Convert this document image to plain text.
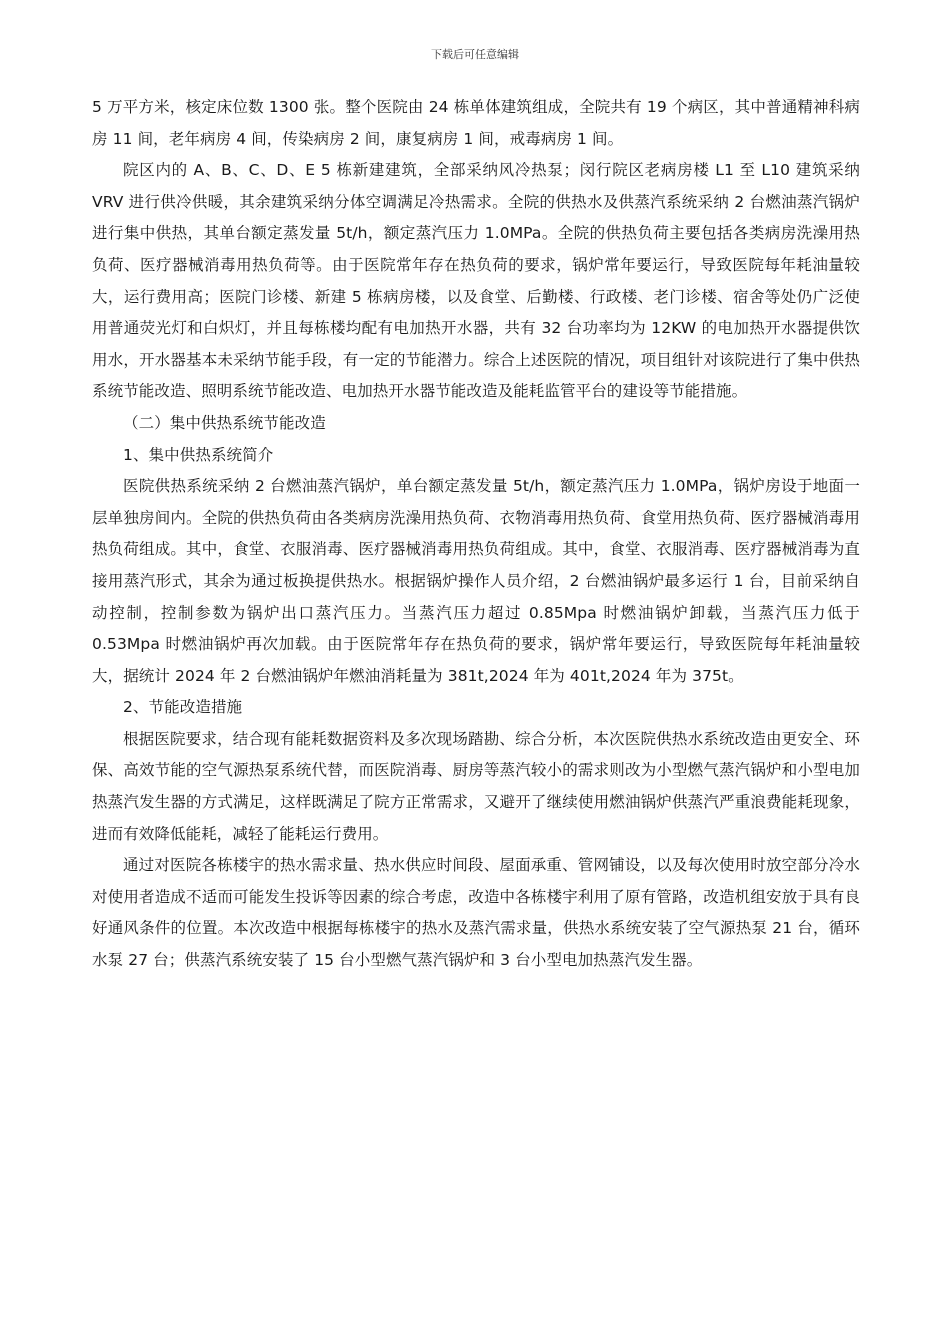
下载后可任意编辑

5 万平方米，核定床位数 1300 张。整个医院由 24 栋单体建筑组成，全院共有 19 个病区，其中普通精神科病房 11 间，老年病房 4 间，传染病房 2 间，康复病房 1 间，戒毒病房 1 间。

院区内的 A、B、C、D、E 5 栋新建建筑，全部采纳风冷热泵；闵行院区老病房楼 L1 至 L10 建筑采纳 VRV 进行供冷供暖，其余建筑采纳分体空调满足冷热需求。全院的供热水及供蒸汽系统采纳 2 台燃油蒸汽锅炉进行集中供热，其单台额定蒸发量 5t/h，额定蒸汽压力 1.0MPa。全院的供热负荷主要包括各类病房洗澡用热负荷、医疗器械消毒用热负荷等。由于医院常年存在热负荷的要求，锅炉常年要运行，导致医院每年耗油量较大，运行费用高；医院门诊楼、新建 5 栋病房楼，以及食堂、后勤楼、行政楼、老门诊楼、宿舍等处仍广泛使用普通荧光灯和白炽灯，并且每栋楼均配有电加热开水器，共有 32 台功率均为 12KW 的电加热开水器提供饮用水，开水器基本未采纳节能手段，有一定的节能潜力。综合上述医院的情况，项目组针对该院进行了集中供热系统节能改造、照明系统节能改造、电加热开水器节能改造及能耗监管平台的建设等节能措施。

（二）集中供热系统节能改造

1、集中供热系统简介

医院供热系统采纳 2 台燃油蒸汽锅炉，单台额定蒸发量 5t/h，额定蒸汽压力 1.0MPa，锅炉房设于地面一层单独房间内。全院的供热负荷由各类病房洗澡用热负荷、衣物消毒用热负荷、食堂用热负荷、医疗器械消毒用热负荷组成。其中，食堂、衣服消毒、医疗器械消毒用热负荷组成。其中，食堂、衣服消毒、医疗器械消毒为直接用蒸汽形式，其余为通过板换提供热水。根据锅炉操作人员介绍，2 台燃油锅炉最多运行 1 台，目前采纳自动控制，控制参数为锅炉出口蒸汽压力。当蒸汽压力超过 0.85Mpa 时燃油锅炉卸载，当蒸汽压力低于 0.53Mpa 时燃油锅炉再次加载。由于医院常年存在热负荷的要求，锅炉常年要运行，导致医院每年耗油量较大，据统计 2024 年 2 台燃油锅炉年燃油消耗量为 381t,2024 年为 401t,2024 年为 375t。

2、节能改造措施

根据医院要求，结合现有能耗数据资料及多次现场踏勘、综合分析，本次医院供热水系统改造由更安全、环保、高效节能的空气源热泵系统代替，而医院消毒、厨房等蒸汽较小的需求则改为小型燃气蒸汽锅炉和小型电加热蒸汽发生器的方式满足，这样既满足了院方正常需求，又避开了继续使用燃油锅炉供蒸汽严重浪费能耗现象，进而有效降低能耗，减轻了能耗运行费用。

通过对医院各栋楼宇的热水需求量、热水供应时间段、屋面承重、管网铺设，以及每次使用时放空部分冷水对使用者造成不适而可能发生投诉等因素的综合考虑，改造中各栋楼宇利用了原有管路，改造机组安放于具有良好通风条件的位置。本次改造中根据每栋楼宇的热水及蒸汽需求量，供热水系统安装了空气源热泵 21 台，循环水泵 27 台；供蒸汽系统安装了 15 台小型燃气蒸汽锅炉和 3 台小型电加热蒸汽发生器。
